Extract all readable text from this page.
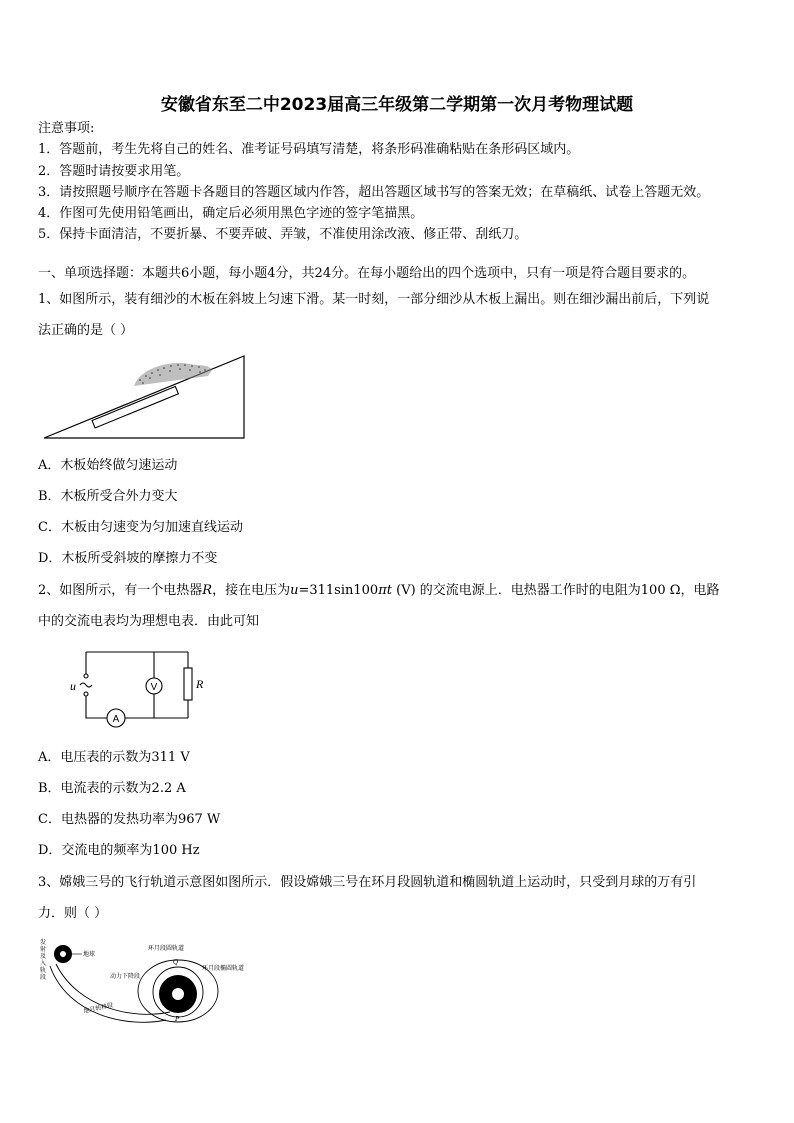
安徽省东至二中2023届高三年级第二学期第一次月考物理试题
注意事项:
1．答题前，考生先将自己的姓名、准考证号码填写清楚，将条形码准确粘贴在条形码区域内。
2．答题时请按要求用笔。
3．请按照题号顺序在答题卡各题目的答题区域内作答，超出答题区域书写的答案无效；在草稿纸、试卷上答题无效。
4．作图可先使用铅笔画出，确定后必须用黑色字迹的签字笔描黑。
5．保持卡面清洁，不要折暴、不要弄破、弄皱，不准使用涂改液、修正带、刮纸刀。
一、单项选择题：本题共6小题，每小题4分，共24分。在每小题给出的四个选项中，只有一项是符合题目要求的。
1、如图所示，装有细沙的木板在斜坡上匀速下滑。某一时刻，一部分细沙从木板上漏出。则在细沙漏出前后，下列说
法正确的是（ ）
A．木板始终做匀速运动
B．木板所受合外力变大
C．木板由匀速变为匀加速直线运动
D．木板所受斜坡的摩擦力不变
2、如图所示，有一个电热器R，接在电压为u=311sin100πt (V) 的交流电源上．电热器工作时的电阻为100 Ω，电路
中的交流电表均为理想电表．由此可知
u	V
A
R
A．电压表的示数为311 V
B．电流表的示数为2.2 A
C．电热器的发热功率为967 W
D．交流电的频率为100 Hz
3、嫦娥三号的飞行轨道示意图如图所示．假设嫦娥三号在环月段圆轨道和椭圆轨道上运动时，只受到月球的万有引
力．则（ ）
发
射
及
入
轨
段
地球
地月转移段
环月段圆轨道
环月段椭圆轨道
动力下降段
Q
P
月球
